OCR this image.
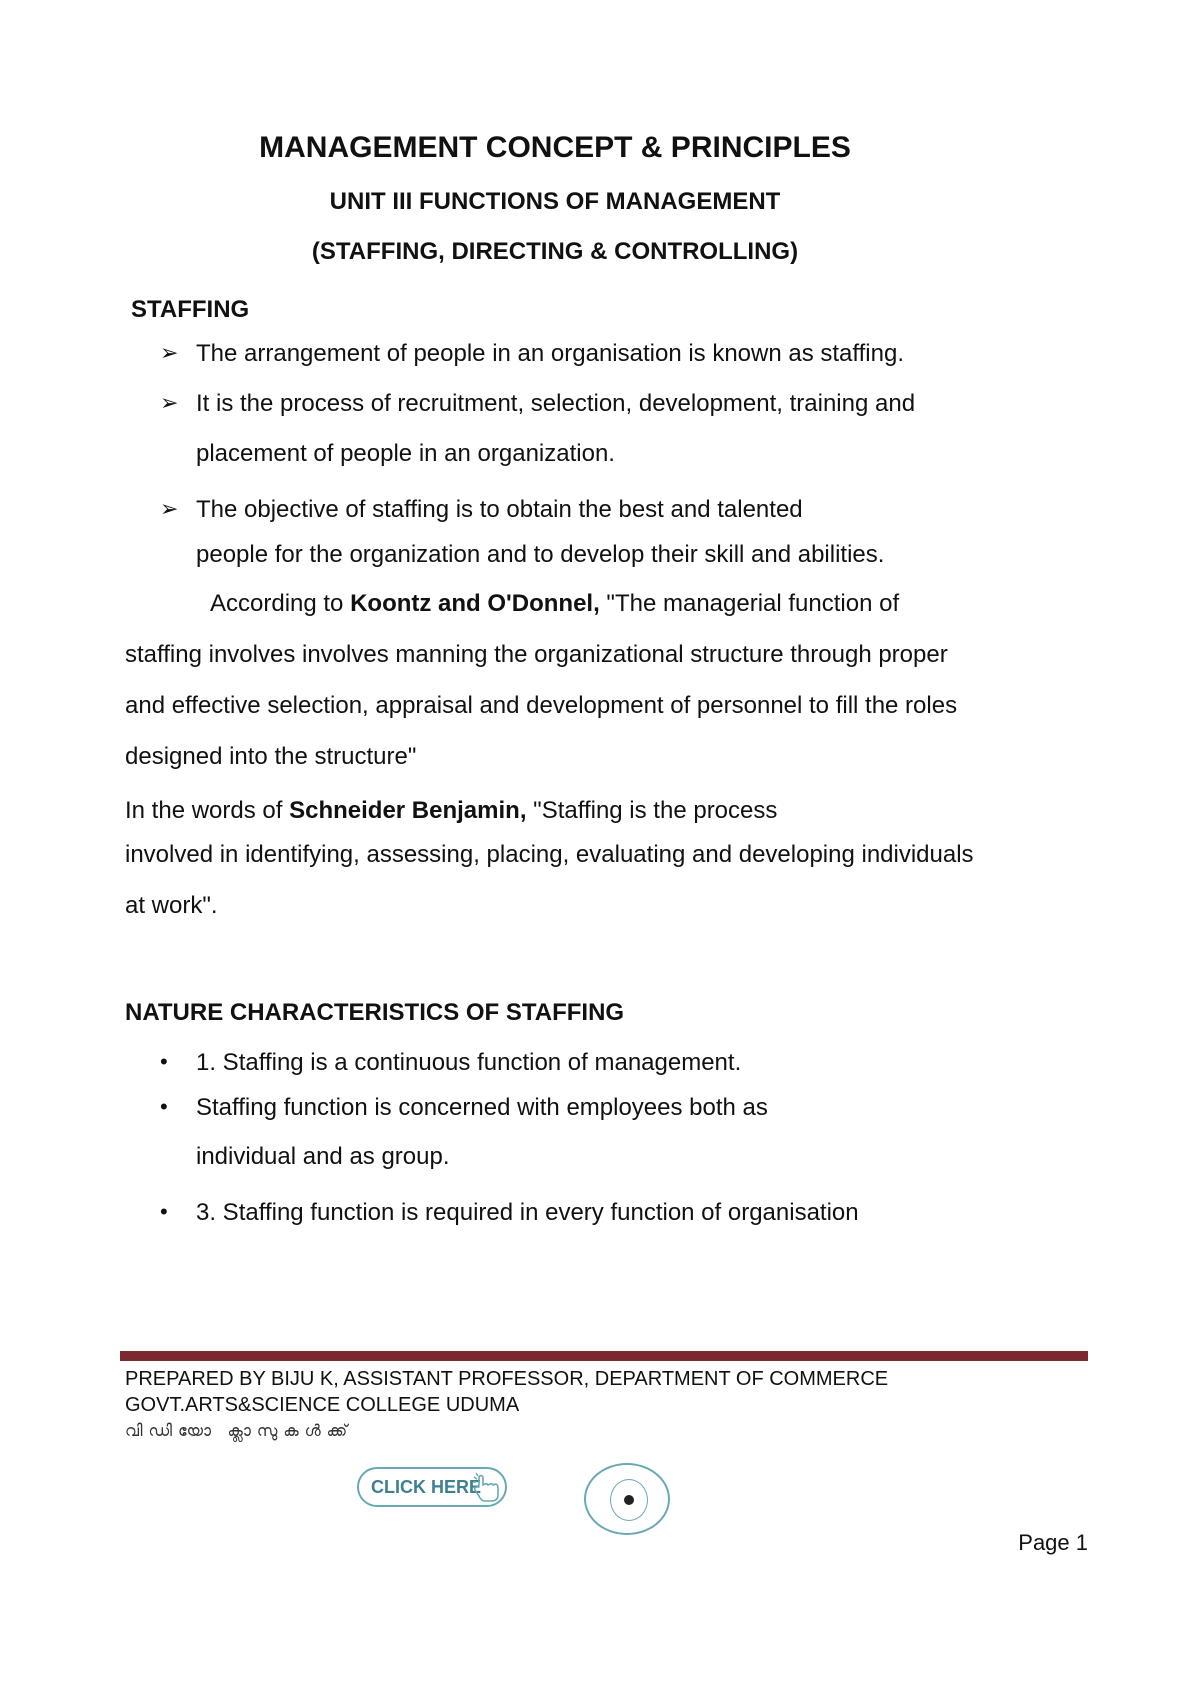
MANAGEMENT CONCEPT & PRINCIPLES
UNIT III FUNCTIONS OF MANAGEMENT
(STAFFING, DIRECTING & CONTROLLING)
STAFFING
➢ The arrangement of people in an organisation is known as staffing.
➢ It is the process of recruitment, selection, development, training and
placement of people in an organization.
➢ The objective of staffing is to obtain the best and talented
people for the organization and to develop their skill and abilities.
According to Koontz and O'Donnel, "The managerial function of
staffing involves involves manning the organizational structure through proper
and effective selection, appraisal and development of personnel to fill the roles
designed into the structure"
In the words of Schneider Benjamin, "Staffing is the process
involved in identifying, assessing, placing, evaluating and developing individuals
at work".
NATURE CHARACTERISTICS OF STAFFING
• 1. Staffing is a continuous function of management.
• Staffing function is concerned with employees both as
individual and as group.
• 3. Staffing function is required in every function of organisation
PREPARED BY BIJU K, ASSISTANT PROFESSOR, DEPARTMENT OF COMMERCE
GOVT.ARTS&SCIENCE COLLEGE UDUMA
വിഡിയോ ക്ലാസുകൾക്ക്
CLICK HERE
Page 1
